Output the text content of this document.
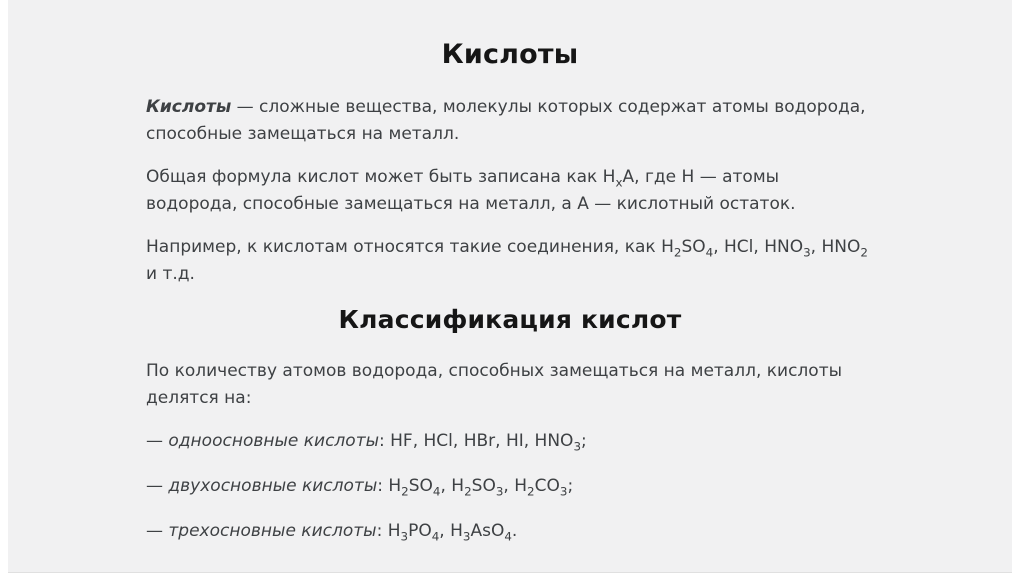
Кислоты

Кислоты — сложные вещества, молекулы которых содержат атомы водорода, способные замещаться на металл.

Общая формула кислот может быть записана как $H_xA$, где H — атомы водорода, способные замещаться на металл, а A — кислотный остаток.

Например, к кислотам относятся такие соединения, как $H_2SO_4$, HCl, $HNO_3$, $HNO_2$ и т.д.

Классификация кислот

По количеству атомов водорода, способных замещаться на металл, кислоты делятся на:

— одноосновные кислоты: HF, HCl, HBr, HI, $HNO_3$;

— двухосновные кислоты: $H_2SO_4$, $H_2SO_3$, $H_2CO_3$;

— трехосновные кислоты: $H_3PO_4$, $H_3AsO_4$.
